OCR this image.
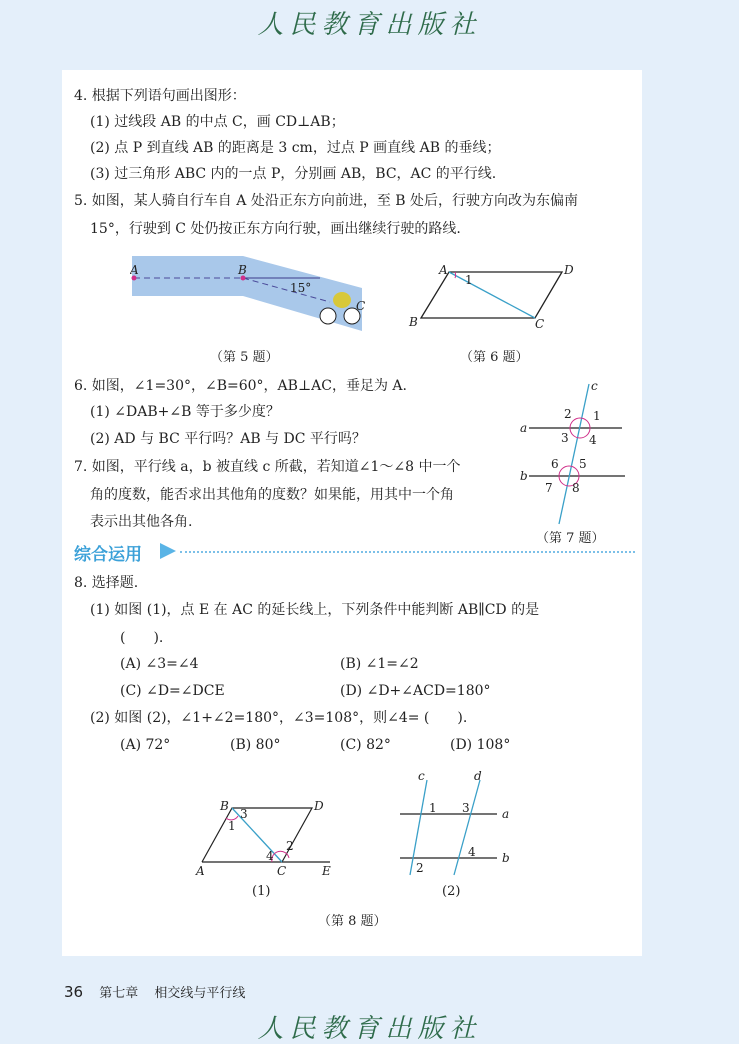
人民教育出版社
4. 根据下列语句画出图形：
(1) 过线段 AB 的中点 C，画 CD⊥AB；
(2) 点 P 到直线 AB 的距离是 3 cm，过点 P 画直线 AB 的垂线；
(3) 过三角形 ABC 内的一点 P，分别画 AB，BC，AC 的平行线.
5. 如图，某人骑自行车自 A 处沿正东方向前进，至 B 处后，行驶方向改为东偏南
15°，行驶到 C 处仍按正东方向行驶，画出继续行驶的路线.
A	B
C
15°
（第 5 题）
A	D
B	C
1
（第 6 题）
6. 如图，∠1=30°，∠B=60°，AB⊥AC，垂足为 A.
(1) ∠DAB+∠B 等于多少度？
(2) AD 与 BC 平行吗？AB 与 DC 平行吗？
7. 如图，平行线 a，b 被直线 c 所截，若知道∠1～∠8 中一个
角的度数，能否求出其他角的度数？如果能，用其中一个角
表示出其他各角.
c
a
b
2 1
3 4
6 5
7 8
（第 7 题）
综合运用
8. 选择题.
(1) 如图 (1)，点 E 在 AC 的延长线上，下列条件中能判断 AB∥CD 的是
(　　).
(A) ∠3=∠4	(B) ∠1=∠2
(C) ∠D=∠DCE	(D) ∠D+∠ACD=180°
(2) 如图 (2)，∠1+∠2=180°，∠3=108°，则∠4= (　　).
(A) 72°	(B) 80°	(C) 82°	(D) 108°
B	D
A	C	E
3
1
2
4
(1)
c	d
a
b
1 3
2
4
(2)
（第 8 题）
36 第七章 相交线与平行线
人民教育出版社
